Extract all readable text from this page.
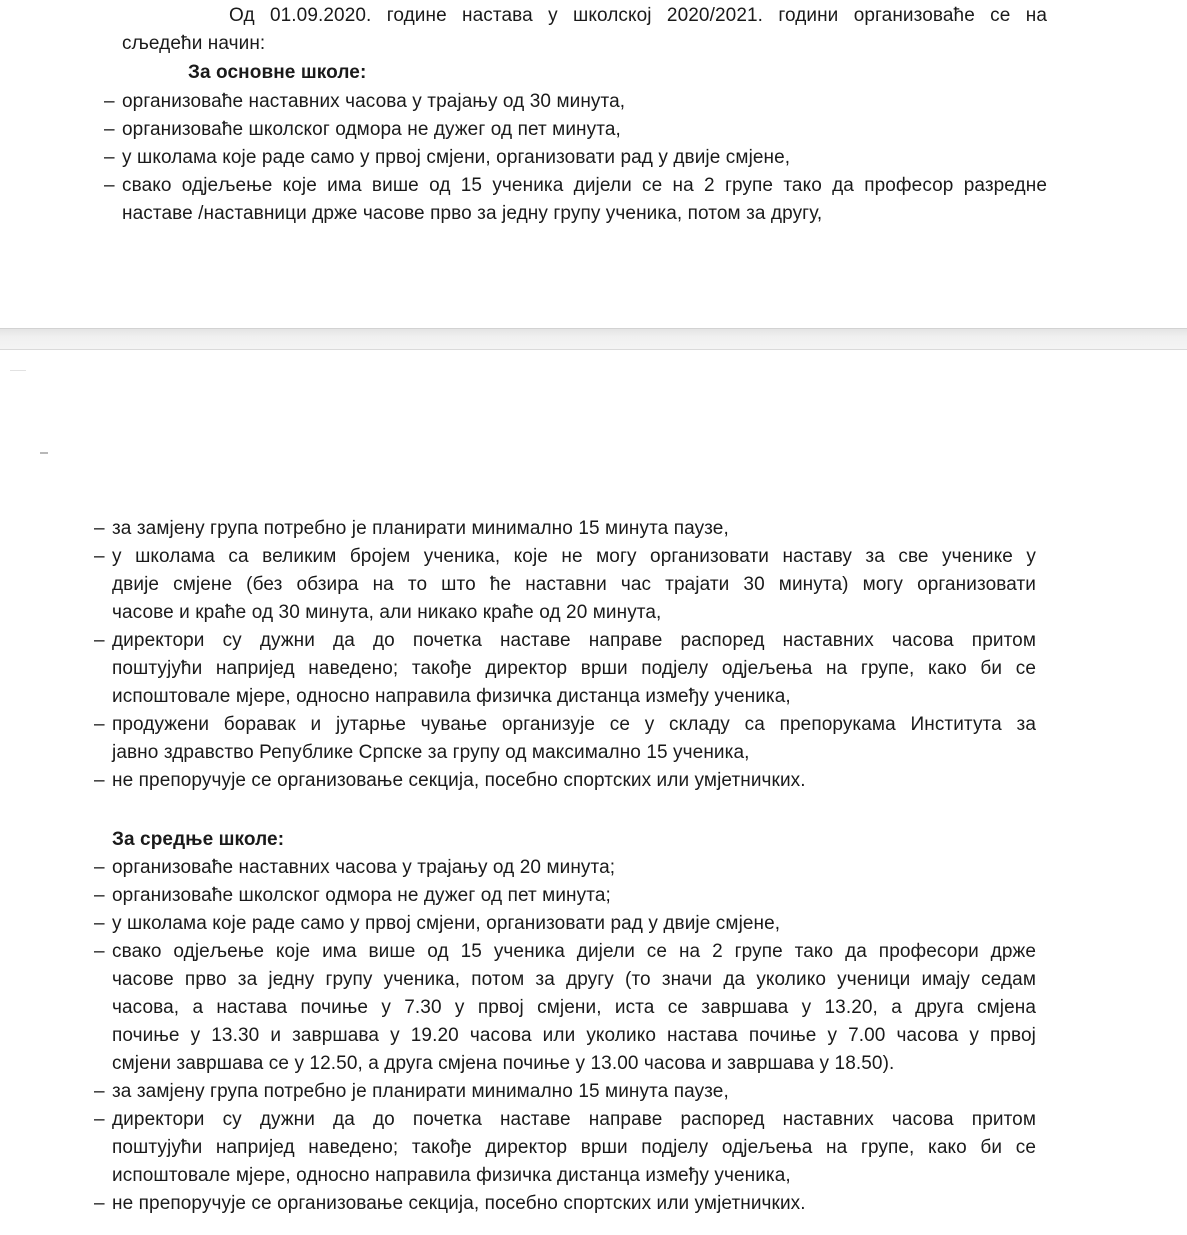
Од 01.09.2020. године настава у школској 2020/2021. години организоваће се на
сљедећи начин:
За основне школе:
– организоваће наставних часова у трајању од 30 минута,
– организоваће школског одмора не дужег од пет минута,
– у школама које раде само у првој смјени, организовати рад у двије смјене,
– свако одјељење које има више од 15 ученика дијели се на 2 групе тако да професор разредне
наставе /наставници држе часове прво за једну групу ученика, потом за другу,
– за замјену група потребно је планирати минимално 15 минута паузе,
– у школама са великим бројем ученика, које не могу организовати наставу за све ученике у
двије смјене (без обзира на то што ће наставни час трајати 30 минута) могу организовати
часове и краће од 30 минута, али никако краће од 20 минута,
– директори су дужни да до почетка наставе направе распоред наставних часова притом
поштујући напријед наведено; такође директор врши подјелу одјељења на групе, како би се
испоштовале мјере, односно направила физичка дистанца између ученика,
– продужени боравак и јутарње чување организује се у складу са препорукама Института за
јавно здравство Републике Српске за групу од максимално 15 ученика,
– не препоручује се организовање секција, посебно спортских или умјетничких.
За средње школе:
– организоваће наставних часова у трајању од 20 минута;
– организоваће школског одмора не дужег од пет минута;
– у школама које раде само у првој смјени, организовати рад у двије смјене,
– свако одјељење које има више од 15 ученика дијели се на 2 групе тако да професори држе
часове прво за једну групу ученика, потом за другу (то значи да уколико ученици имају седам
часова, а настава почиње у 7.30 у првој смјени, иста се завршава у 13.20, а друга смјена
почиње у 13.30 и завршава у 19.20 часова или уколико настава почиње у 7.00 часова у првој
смјени завршава се у 12.50, а друга смјена почиње у 13.00 часова и завршава у 18.50).
– за замјену група потребно је планирати минимално 15 минута паузе,
– директори су дужни да до почетка наставе направе распоред наставних часова притом
поштујући напријед наведено; такође директор врши подјелу одјељења на групе, како би се
испоштовале мјере, односно направила физичка дистанца између ученика,
– не препоручује се организовање секција, посебно спортских или умјетничких.
